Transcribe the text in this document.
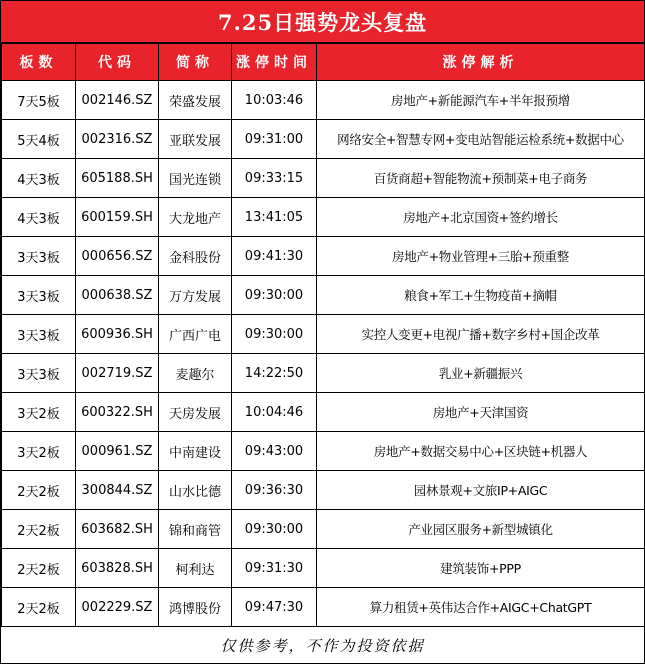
7.25日强势龙头复盘
板数	代码	简称	涨停时间	涨停解析
7天5板	002146.SZ	荣盛发展	10:03:46	房地产+新能源汽车+半年报预增
5天4板	002316.SZ	亚联发展	09:31:00	网络安全+智慧专网+变电站智能运检系统+数据中心
4天3板	605188.SH	国光连锁	09:33:15	百货商超+智能物流+预制菜+电子商务
4天3板	600159.SH	大龙地产	13:41:05	房地产+北京国资+签约增长
3天3板	000656.SZ	金科股份	09:41:30	房地产+物业管理+三胎+预重整
3天3板	000638.SZ	万方发展	09:30:00	粮食+军工+生物疫苗+摘帽
3天3板	600936.SH	广西广电	09:30:00	实控人变更+电视广播+数字乡村+国企改革
3天3板	002719.SZ	麦趣尔	14:22:50	乳业+新疆振兴
3天2板	600322.SH	天房发展	10:04:46	房地产+天津国资
3天2板	000961.SZ	中南建设	09:43:00	房地产+数据交易中心+区块链+机器人
2天2板	300844.SZ	山水比德	09:36:30	园林景观+文旅IP+AIGC
2天2板	603682.SH	锦和商管	09:30:00	产业园区服务+新型城镇化
2天2板	603828.SH	柯利达	09:31:30	建筑装饰+PPP
2天2板	002229.SZ	鸿博股份	09:47:30	算力租赁+英伟达合作+AIGC+ChatGPT
仅供参考，不作为投资依据
